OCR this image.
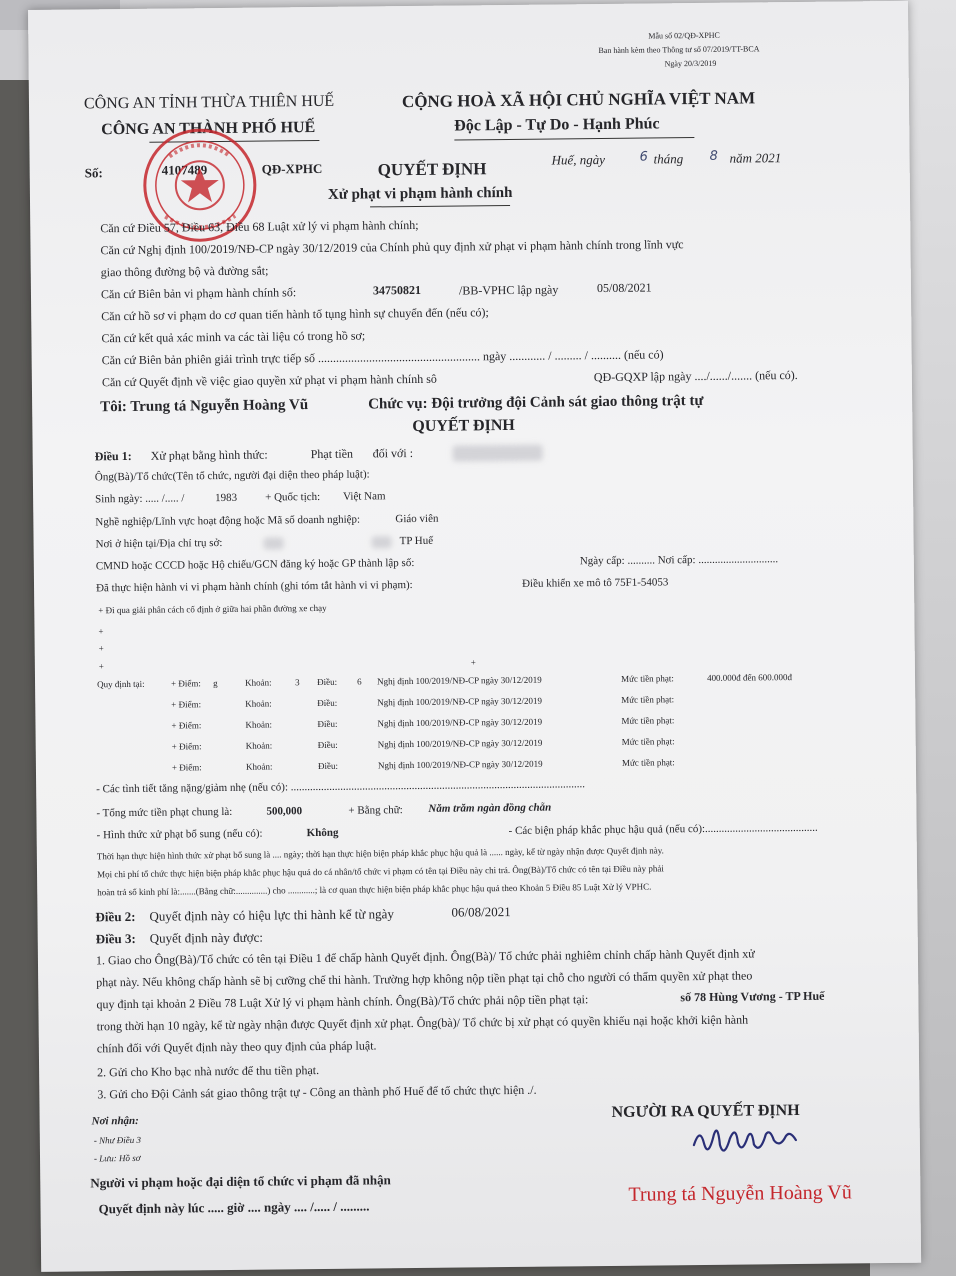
Mẫu số 02/QĐ-XPHC
Ban hành kèm theo Thông tư số 07/2019/TT-BCA
Ngày 20/3/2019
CÔNG AN TỈNH THỪA THIÊN HUẾ
CÔNG AN THÀNH PHỐ HUẾ
CỘNG HOÀ XÃ HỘI CHỦ NGHĨA VIỆT NAM
Độc Lập - Tự Do - Hạnh Phúc
Số:	4107489	QĐ-XPHC	QUYẾT ĐỊNH
Xử phạt vi phạm hành chính
Huế, ngày	6 tháng 8 năm 2021
Căn cứ Điều 57, Điều 63, Điều 68 Luật xử lý vi phạm hành chính;
Căn cứ Nghị định 100/2019/NĐ-CP ngày 30/12/2019 của Chính phủ quy định xử phạt vi phạm hành chính trong lĩnh vực
giao thông đường bộ và đường sắt;
Căn cứ Biên bản vi phạm hành chính số:	34750821	/BB-VPHC lập ngày	05/08/2021
Căn cứ hồ sơ vi phạm do cơ quan tiến hành tố tụng hình sự chuyển đến (nếu có);
Căn cứ kết quả xác minh va các tài liệu có trong hồ sơ;
Căn cứ Biên bản phiên giải trình trực tiếp số ...................................................... ngày ............ / ......... / .......... (nếu có)
Căn cứ Quyết định về việc giao quyền xử phạt vi phạm hành chính sô	QĐ-GQXP lập ngày ..../....../....... (nếu có).
Tôi: Trung tá Nguyễn Hoàng Vũ	Chức vụ: Đội trưởng đội Cảnh sát giao thông trật tự
QUYẾT ĐỊNH
Điều 1: Xử phạt bằng hình thức:	Phạt tiền đối với :
Ông(Bà)/Tổ chức(Tên tổ chức, người đại diện theo pháp luật):
Sinh ngày: ..... /..... /	1983	+ Quốc tịch: Việt Nam
Nghề nghiệp/Lĩnh vực hoạt động hoặc Mã số doanh nghiệp:	Giáo viên
Nơi ở hiện tại/Địa chỉ trụ sở:	TP Huế
CMND hoặc CCCD hoặc Hộ chiếu/GCN đăng ký hoặc GP thành lập số:	Ngày cấp: .......... Nơi cấp: .............................
Đã thực hiện hành vi vi phạm hành chính (ghi tóm tắt hành vi vi phạm):	Điều khiển xe mô tô 75F1-54053
+ Đi qua giải phân cách cố định ở giữa hai phần đường xe chạy
+
+
+	+
Quy định tại:	+ Điểm: g	Khoản:	3 Điều: 6 Nghị định 100/2019/NĐ-CP ngày 30/12/2019	Mức tiền phạt:	400.000đ đến 600.000đ
+ Điểm:	Khoản:	Điều:	Nghị định 100/2019/NĐ-CP ngày 30/12/2019	Mức tiền phạt:
+ Điểm:	Khoản:	Điều:	Nghị định 100/2019/NĐ-CP ngày 30/12/2019	Mức tiền phạt:
+ Điểm:	Khoản:	Điều:	Nghị định 100/2019/NĐ-CP ngày 30/12/2019	Mức tiền phạt:
+ Điểm:	Khoản:	Điều:	Nghị định 100/2019/NĐ-CP ngày 30/12/2019	Mức tiền phạt:
- Các tình tiết tăng nặng/giảm nhẹ (nếu có): ...........................................................................................................
- Tổng mức tiền phạt chung là:	500,000	+ Bằng chữ: Năm trăm ngàn đồng chẵn
- Hình thức xử phạt bổ sung (nếu có):	Không	- Các biện pháp khắc phục hậu quả (nếu có):.........................................
Thời hạn thực hiện hình thức xử phạt bổ sung là .... ngày; thời hạn thực hiện biện pháp khắc phục hậu quả là ...... ngày, kể từ ngày nhận được Quyết định này.
Mọi chi phí tổ chức thực hiện biện pháp khắc phục hậu quả do cá nhân/tổ chức vi phạm có tên tại Điều này chi trả. Ông(Bà)/Tổ chức có tên tại Điều này phải
hoàn trả số kinh phí là:.......(Bằng chữ:..............) cho ............; là cơ quan thực hiện biện pháp khắc phục hậu quả theo Khoản 5 Điều 85 Luật Xử lý VPHC.
Điều 2: Quyết định này có hiệu lực thi hành kể từ ngày	06/08/2021
Điều 3: Quyết định này được:
1. Giao cho Ông(Bà)/Tổ chức có tên tại Điều 1 để chấp hành Quyết định. Ông(Bà)/ Tổ chức phải nghiêm chỉnh chấp hành Quyết định xử
phạt này. Nếu không chấp hành sẽ bị cưỡng chế thi hành. Trường hợp không nộp tiền phạt tại chỗ cho người có thẩm quyền xử phạt theo
quy định tại khoản 2 Điều 78 Luật Xử lý vi phạm hành chính. Ông(Bà)/Tổ chức phải nộp tiền phạt tại:	số 78 Hùng Vương - TP Huế
trong thời hạn 10 ngày, kể từ ngày nhận được Quyết định xử phạt. Ông(bà)/ Tổ chức bị xử phạt có quyền khiếu nại hoặc khởi kiện hành
chính đối với Quyết định này theo quy định của pháp luật.
2. Gửi cho Kho bạc nhà nước để thu tiền phạt.
3. Gửi cho Đội Cảnh sát giao thông trật tự - Công an thành phố Huế để tổ chức thực hiện ./.
Nơi nhận:
- Như Điều 3
- Lưu: Hồ sơ
Người vi phạm hoặc đại diện tổ chức vi phạm đã nhận
Quyết định này lúc ..... giờ .... ngày .... /..... / .........
NGƯỜI RA QUYẾT ĐỊNH
Trung tá Nguyễn Hoàng Vũ
